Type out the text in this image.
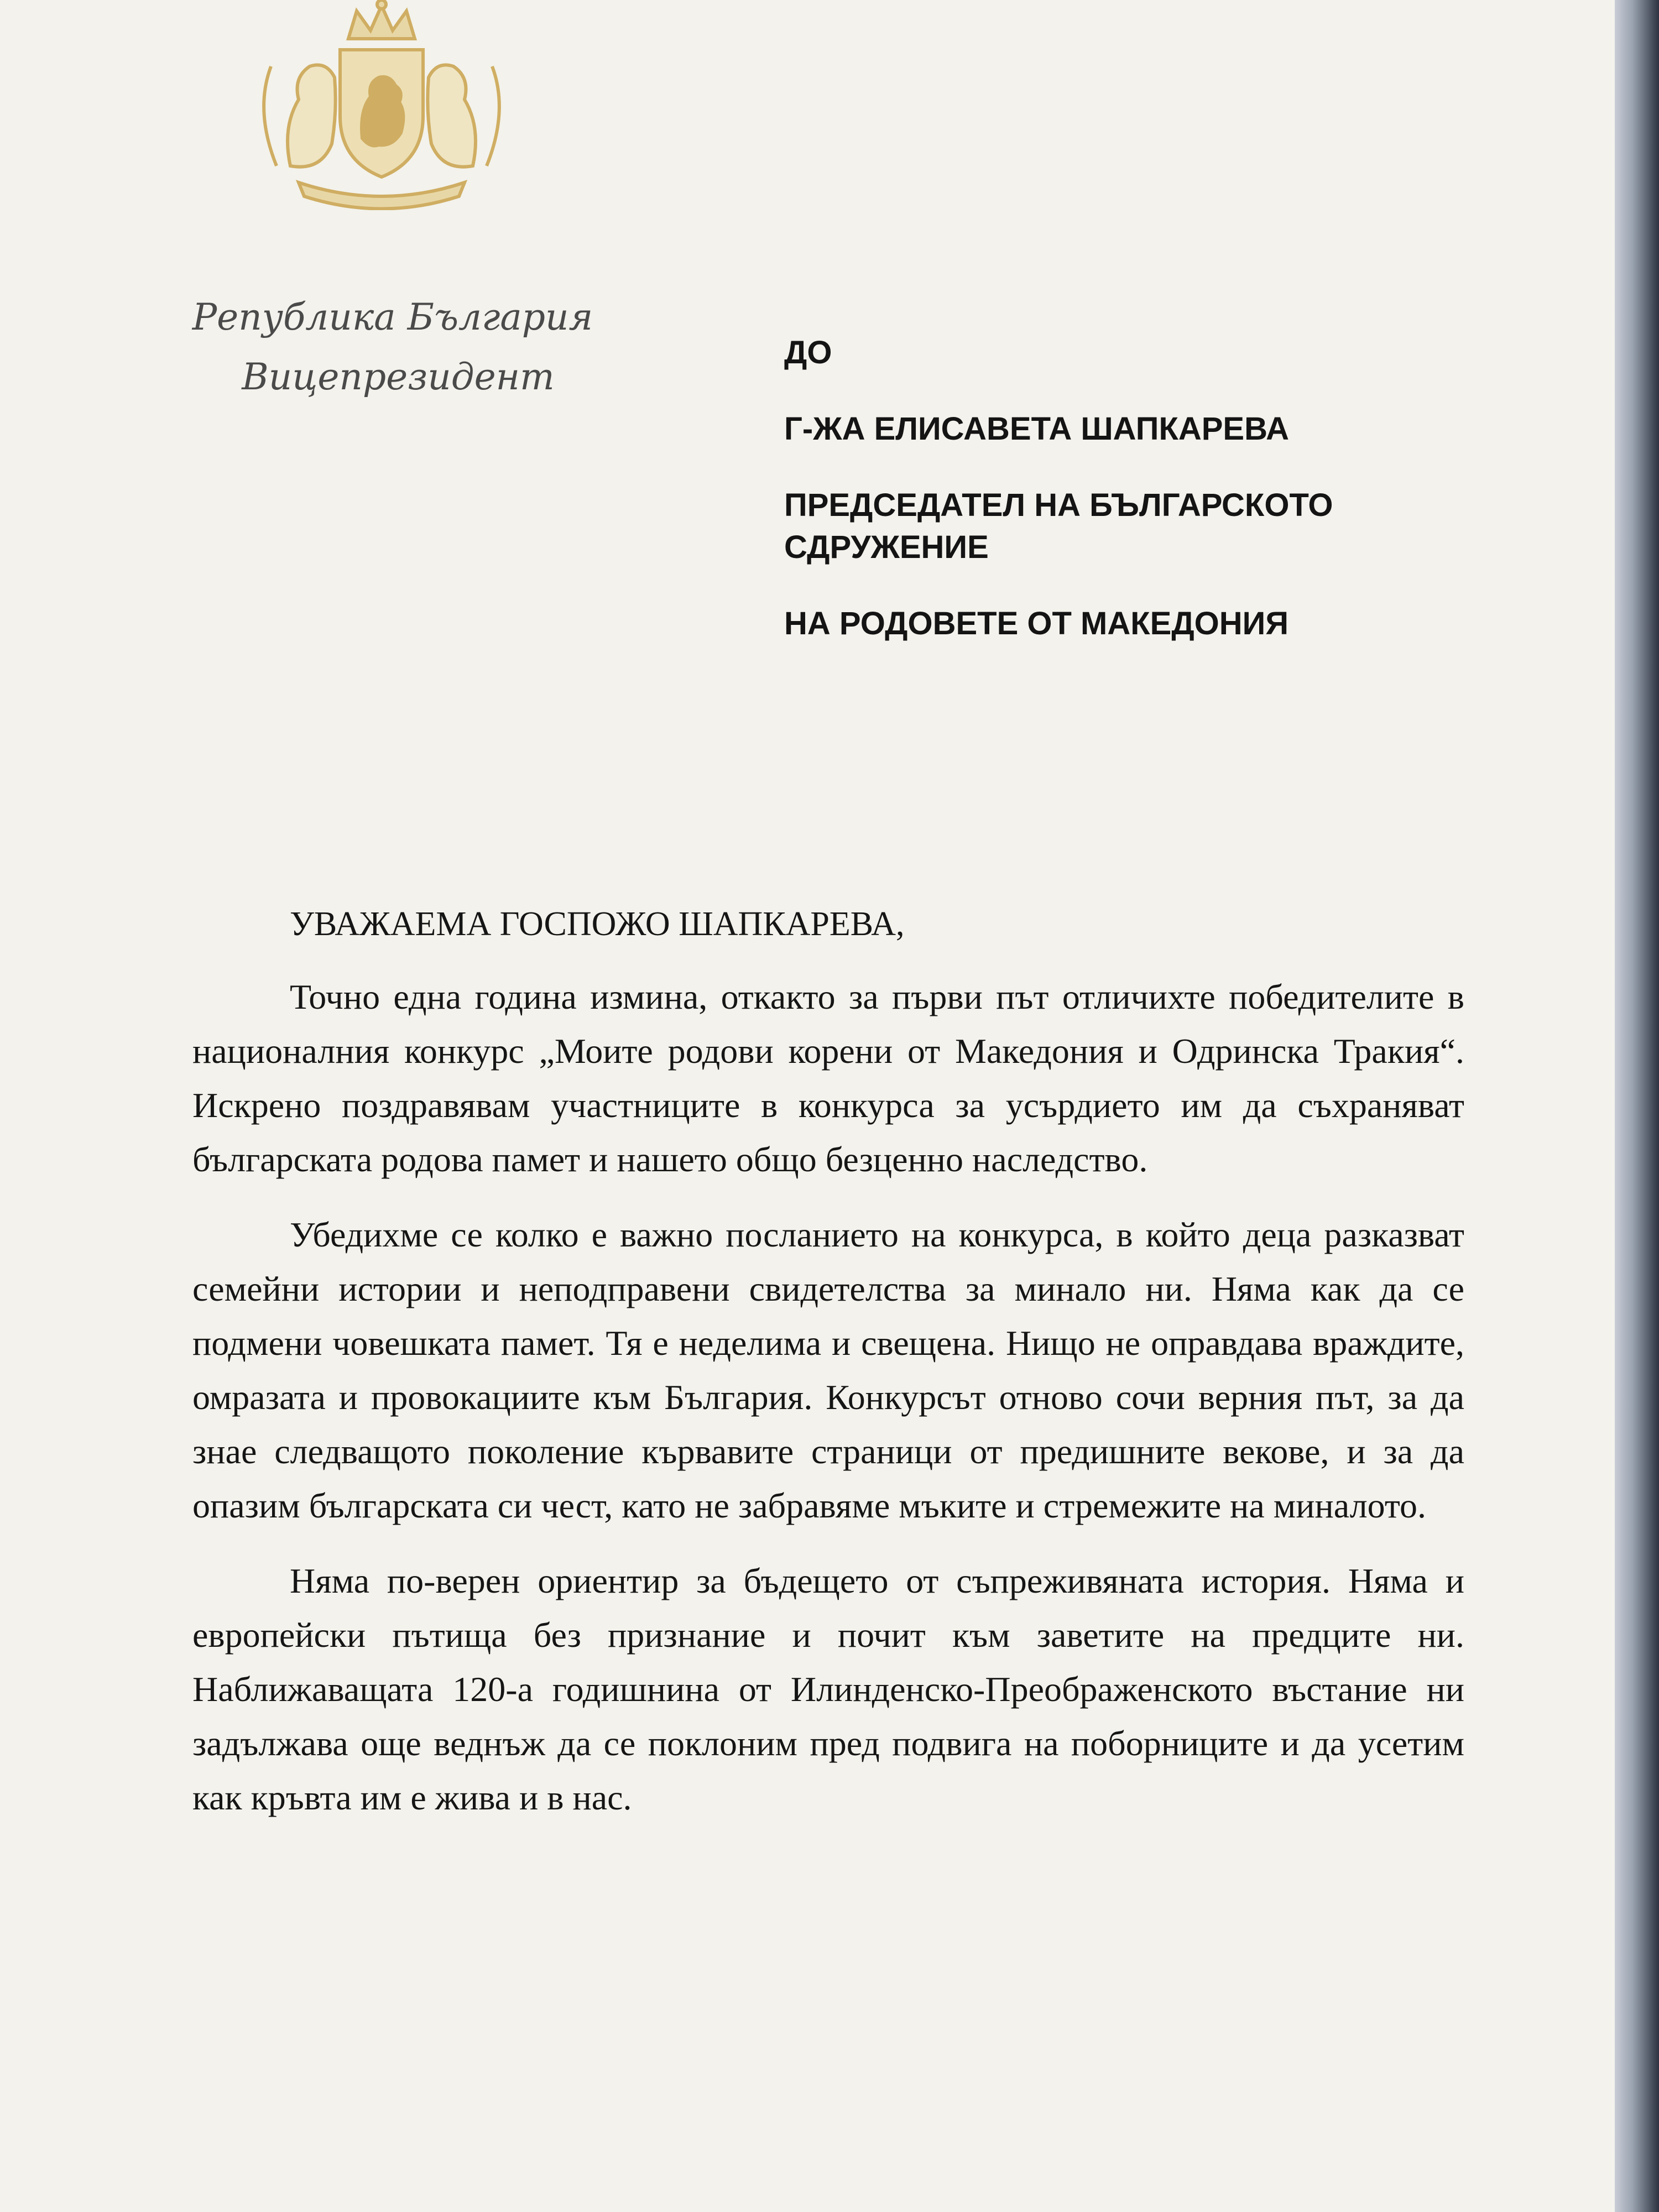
Република България
Вицепрезидент

ДО

Г-ЖА ЕЛИСАВЕТА ШАПКАРЕВА

ПРЕДСЕДАТЕЛ НА БЪЛГАРСКОТО СДРУЖЕНИЕ

НА РОДОВЕТЕ ОТ МАКЕДОНИЯ

УВАЖАЕМА ГОСПОЖО ШАПКАРЕВА,

Точно една година измина, откакто за първи път отличихте победителите в националния конкурс „Моите родови корени от Македония и Одринска Тракия“. Искрено поздравявам участниците в конкурса за усърдието им да съхраняват българската родова памет и нашето общо безценно наследство.

Убедихме се колко е важно посланието на конкурса, в който деца разказват семейни истории и неподправени свидетелства за минало ни. Няма как да се подмени човешката памет. Тя е неделима и свещена. Нищо не оправдава враждите, омразата и провокациите към България. Конкурсът отново сочи верния път, за да знае следващото поколение кървавите страници от предишните векове, и за да опазим българската си чест, като не забравяме мъките и стремежите на миналото.

Няма по-верен ориентир за бъдещето от съпреживяната история. Няма и европейски пътища без признание и почит към заветите на предците ни. Наближаващата 120-а годишнина от Илинденско-Преображенското въстание ни задължава още веднъж да се поклоним пред подвига на поборниците и да усетим как кръвта им е жива и в нас.
